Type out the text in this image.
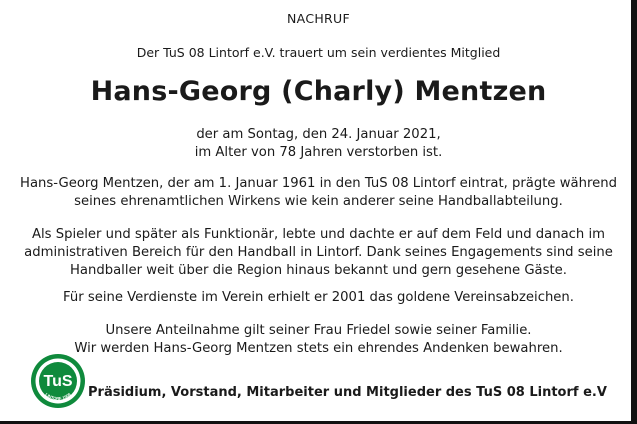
NACHRUF
Der TuS 08 Lintorf e.V. trauert um sein verdientes Mitglied
Hans-Georg (Charly) Mentzen
der am Sontag, den 24. Januar 2021,
im Alter von 78 Jahren verstorben ist.
Hans-Georg Mentzen, der am 1. Januar 1961 in den TuS 08 Lintorf eintrat, prägte während
seines ehrenamtlichen Wirkens wie kein anderer seine Handballabteilung.
Als Spieler und später als Funktionär, lebte und dachte er auf dem Feld und danach im
administrativen Bereich für den Handball in Lintorf. Dank seines Engagements sind seine
Handballer weit über die Region hinaus bekannt und gern gesehene Gäste.
Für seine Verdienste im Verein erhielt er 2001 das goldene Vereinsabzeichen.
Unsere Anteilnahme gilt seiner Frau Friedel sowie seiner Familie.
Wir werden Hans-Georg Mentzen stets ein ehrendes Andenken bewahren.
TuS
LINTORF 1908 Präsidium, Vorstand, Mitarbeiter und Mitglieder des TuS 08 Lintorf e.V
